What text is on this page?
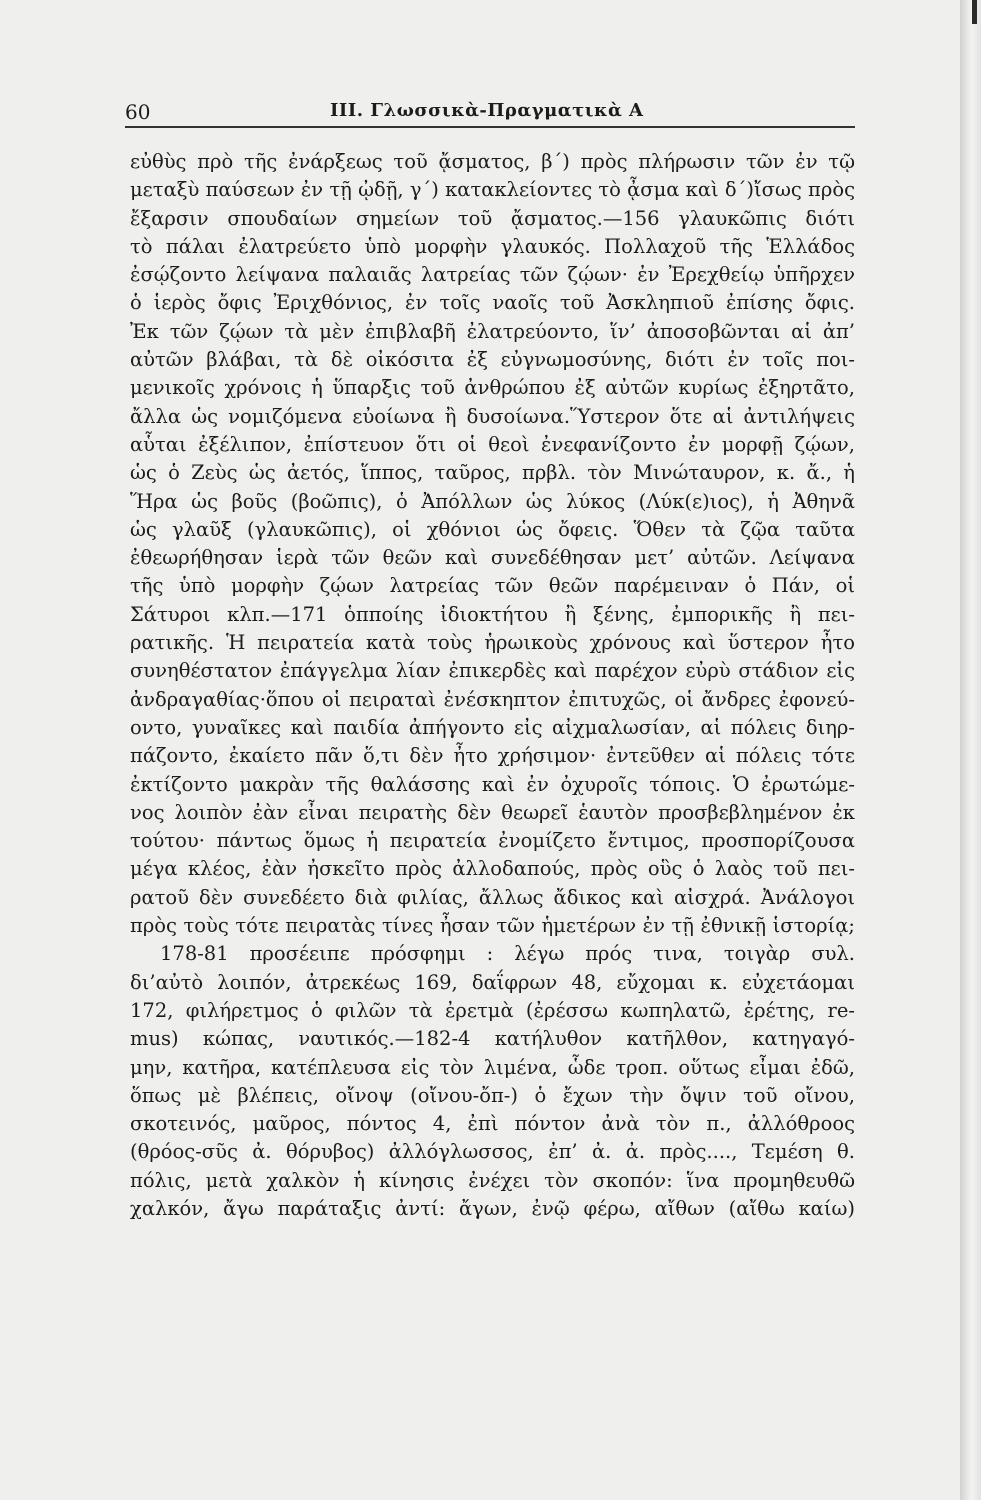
60	ΙΙΙ. Γλωσσικὰ-Πραγματικὰ Α
εὐθὺς πρὸ τῆς ἐνάρξεως τοῦ ᾄσματος, β΄) πρὸς πλήρωσιν τῶν ἐν τῷ
μεταξὺ παύσεων ἐν τῇ ᾠδῇ, γ΄) κατακλείοντες τὸ ᾆσμα καὶ δ΄)ἴσως πρὸς
ἔξαρσιν σπουδαίων σημείων τοῦ ᾄσματος.—156 γλαυκῶπις διότι
τὸ πάλαι ἐλατρεύετο ὑπὸ μορφὴν γλαυκός. Πολλαχοῦ τῆς Ἑλλάδος
ἐσῴζοντο λείψανα παλαιᾶς λατρείας τῶν ζῴων· ἐν Ἐρεχθείῳ ὑπῆρχεν
ὁ ἱερὸς ὄφις Ἐριχθόνιος, ἐν τοῖς ναοῖς τοῦ Ἀσκληπιοῦ ἐπίσης ὄφις.
Ἐκ τῶν ζῴων τὰ μὲν ἐπιβλαβῆ ἐλατρεύοντο, ἵν’ ἀποσοβῶνται αἱ ἀπ’
αὐτῶν βλάβαι, τὰ δὲ οἰκόσιτα ἐξ εὐγνωμοσύνης, διότι ἐν τοῖς ποι-
μενικοῖς χρόνοις ἡ ὕπαρξις τοῦ ἀνθρώπου ἐξ αὐτῶν κυρίως ἐξηρτᾶτο,
ἄλλα ὡς νομιζόμενα εὐοίωνα ἢ δυσοίωνα.Ὕστερον ὅτε αἱ ἀντιλήψεις
αὗται ἐξέλιπον, ἐπίστευον ὅτι οἱ θεοὶ ἐνεφανίζοντο ἐν μορφῇ ζῴων,
ὡς ὁ Ζεὺς ὡς ἀετός, ἵππος, ταῦρος, πρβλ. τὸν Μινώταυρον, κ. ἄ., ἡ
Ἥρα ὡς βοῦς (βοῶπις), ὁ Ἀπόλλων ὡς λύκος (Λύκ(ε)ιος), ἡ Ἀθηνᾶ
ὡς γλαῦξ (γλαυκῶπις), οἱ χθόνιοι ὡς ὄφεις. Ὅθεν τὰ ζῷα ταῦτα
ἐθεωρήθησαν ἱερὰ τῶν θεῶν καὶ συνεδέθησαν μετ’ αὐτῶν. Λείψανα
τῆς ὑπὸ μορφὴν ζῴων λατρείας τῶν θεῶν παρέμειναν ὁ Πάν, οἱ
Σάτυροι κλπ.—171 ὁπποίης ἰδιοκτήτου ἢ ξένης, ἐμπορικῆς ἢ πει-
ρατικῆς. Ἡ πειρατεία κατὰ τοὺς ἡρωικοὺς χρόνους καὶ ὕστερον ἦτο
συνηθέστατον ἐπάγγελμα λίαν ἐπικερδὲς καὶ παρέχον εὐρὺ στάδιον εἰς
ἀνδραγαθίας·ὅπου οἱ πειραταὶ ἐνέσκηπτον ἐπιτυχῶς, οἱ ἄνδρες ἐφονεύ-
οντο, γυναῖκες καὶ παιδία ἀπήγοντο εἰς αἰχμαλωσίαν, αἱ πόλεις διηρ-
πάζοντο, ἐκαίετο πᾶν ὅ,τι δὲν ἦτο χρήσιμον· ἐντεῦθεν αἱ πόλεις τότε
ἐκτίζοντο μακρὰν τῆς θαλάσσης καὶ ἐν ὀχυροῖς τόποις. Ὁ ἐρωτώμε-
νος λοιπὸν ἐὰν εἶναι πειρατὴς δὲν θεωρεῖ ἑαυτὸν προσβεβλημένον ἐκ
τούτου· πάντως ὅμως ἡ πειρατεία ἐνομίζετο ἔντιμος, προσπορίζουσα
μέγα κλέος, ἐὰν ἠσκεῖτο πρὸς ἀλλοδαπούς, πρὸς οὓς ὁ λαὸς τοῦ πει-
ρατοῦ δὲν συνεδέετο διὰ φιλίας, ἄλλως ἄδικος καὶ αἰσχρά. Ἀνάλογοι
πρὸς τοὺς τότε πειρατὰς τίνες ἦσαν τῶν ἡμετέρων ἐν τῇ ἐθνικῇ ἱστορίᾳ;
178-81 προσέειπε πρόσφημι : λέγω πρός τινα, τοιγὰρ συλ.
δι’αὐτὸ λοιπόν, ἀτρεκέως 169, δαΐφρων 48, εὔχομαι κ. εὐχετάομαι
172, φιλήρετμος ὁ φιλῶν τὰ ἐρετμὰ (ἐρέσσω κωπηλατῶ, ἐρέτης, re-
mus) κώπας, ναυτικός.—182-4 κατήλυθον κατῆλθον, κατηγαγό-
μην, κατῆρα, κατέπλευσα εἰς τὸν λιμένα, ὧδε τροπ. οὕτως εἶμαι ἐδῶ,
ὅπως μὲ βλέπεις, οἴνοψ (οἴνου-ὄπ-) ὁ ἔχων τὴν ὄψιν τοῦ οἴνου,
σκοτεινός, μαῦρος, πόντος 4, ἐπὶ πόντον ἀνὰ τὸν π., ἀλλόθροος
(θρόος-σῦς ἀ. θόρυβος) ἀλλόγλωσσος, ἐπ’ ἀ. ἀ. πρὸς...., Τεμέση θ.
πόλις, μετὰ χαλκὸν ἡ κίνησις ἐνέχει τὸν σκοπόν: ἵνα προμηθευθῶ
χαλκόν, ἄγω παράταξις ἀντί: ἄγων, ἐνῷ φέρω, αἴθων (αἴθω καίω)
